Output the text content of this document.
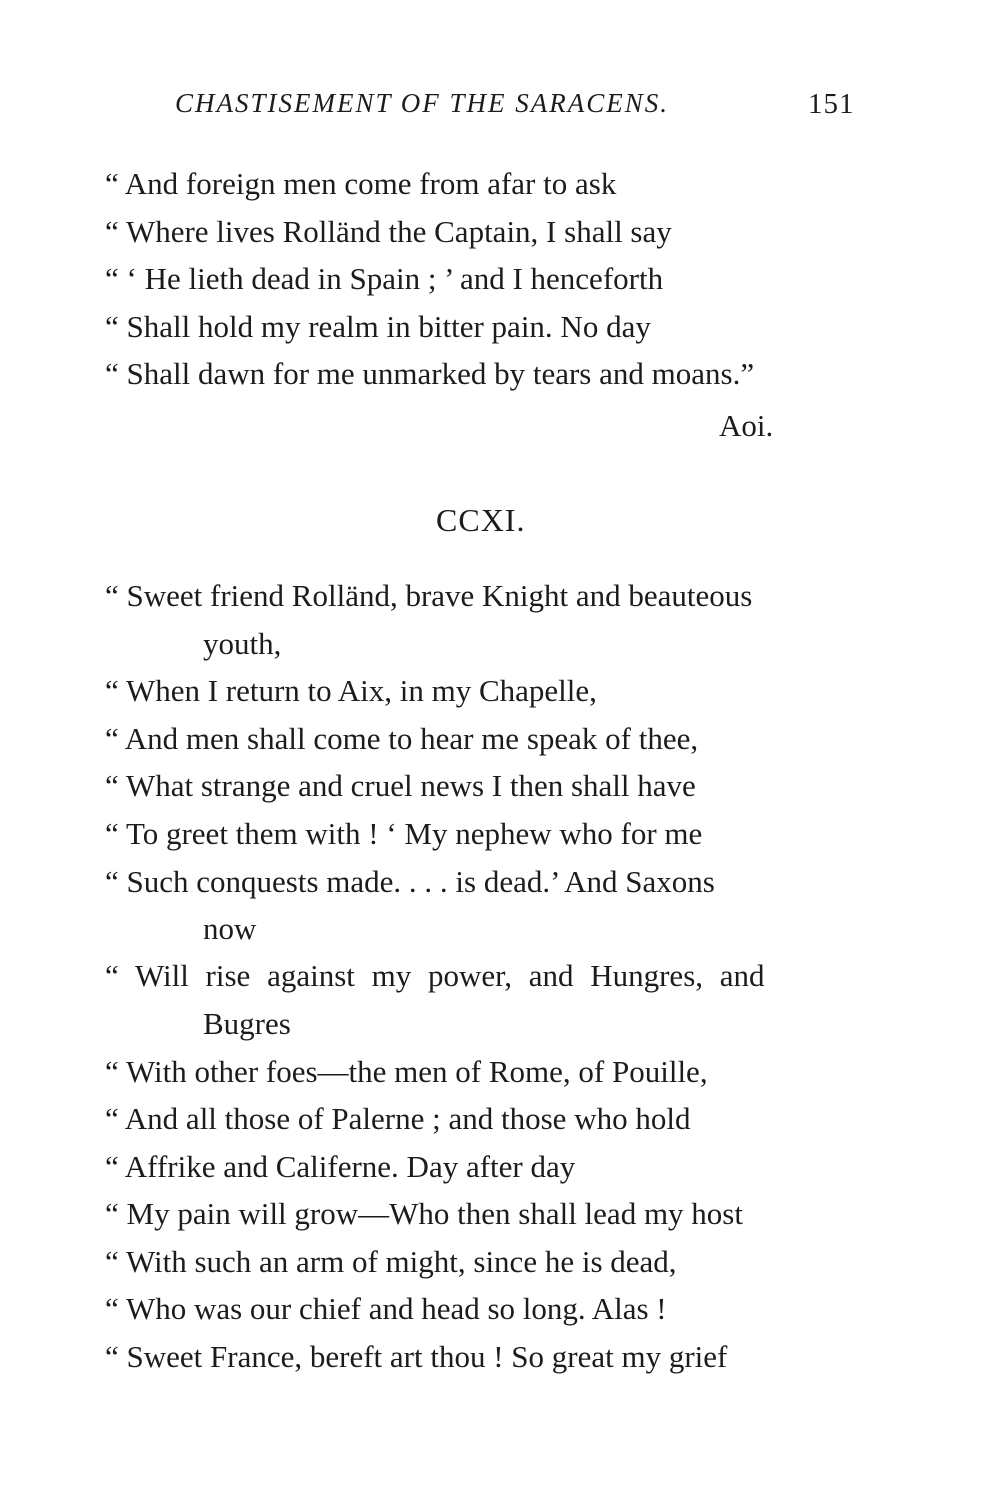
CHASTISEMENT OF THE SARACENS.	151
“ And foreign men come from afar to ask
“ Where lives Rolländ the Captain, I shall say
“ ‘ He lieth dead in Spain ; ’ and I henceforth
“ Shall hold my realm in bitter pain. No day
“ Shall dawn for me unmarked by tears and moans.”
Aoi.
CCXI.
“ Sweet friend Rolländ, brave Knight and beauteous
youth,
“ When I return to Aix, in my Chapelle,
“ And men shall come to hear me speak of thee,
“ What strange and cruel news I then shall have
“ To greet them with ! ‘ My nephew who for me
“ Such conquests made. . . . is dead.’ And Saxons
now
“ Will rise against my power, and Hungres, and
Bugres
“ With other foes—the men of Rome, of Pouille,
“ And all those of Palerne ; and those who hold
“ Affrike and Califerne. Day after day
“ My pain will grow—Who then shall lead my host
“ With such an arm of might, since he is dead,
“ Who was our chief and head so long. Alas !
“ Sweet France, bereft art thou ! So great my grief
